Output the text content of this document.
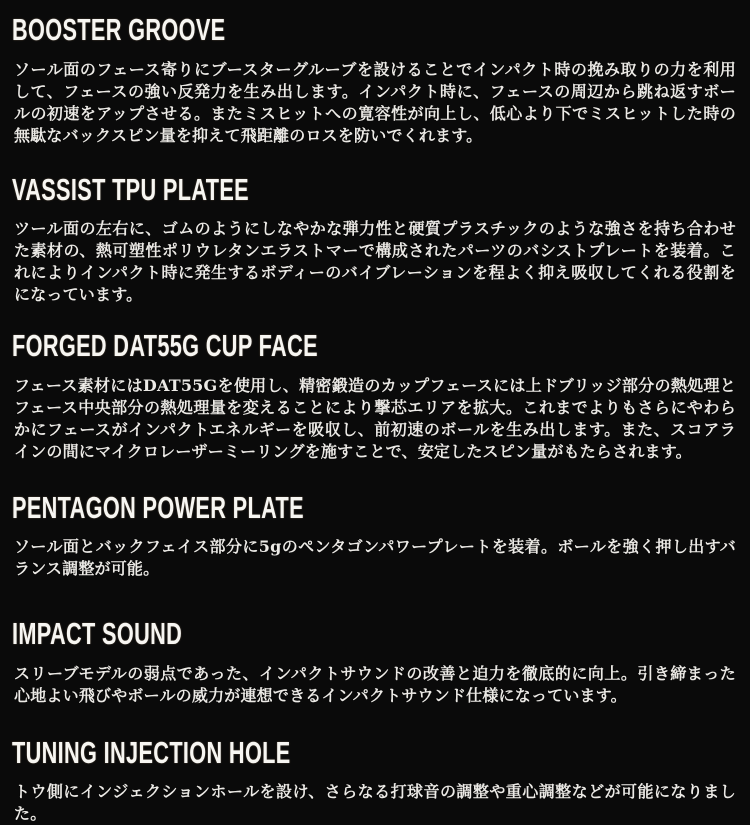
BOOSTER GROOVE

ソール面のフェース寄りにブースターグルーブを設けることでインパクト時の挽み取りの力を利用して、フェースの強い反発力を生み出します。インパクト時に、フェースの周辺から跳ね返すボールの初速をアップさせる。またミスヒットへの寛容性が向上し、低心より下でミスヒットした時の無駄なバックスピン量を抑えて飛距離のロスを防いでくれます。

VASSIST TPU PLATEE

ツール面の左右に、ゴムのようにしなやかな弾力性と硬質プラスチックのような強さを持ち合わせた素材の、熱可塑性ポリウレタンエラストマーで構成されたパーツのバシストプレートを装着。これによりインパクト時に発生するボディーのバイブレーションを程よく抑え吸収してくれる役割をになっています。

FORGED DAT55G CUP FACE

フェース素材にはDAT55Gを使用し、精密鍛造のカップフェースには上ドブリッジ部分の熱処理とフェース中央部分の熱処理量を変えることにより撃芯エリアを拡大。これまでよりもさらにやわらかにフェースがインパクトエネルギーを吸収し、前初速のボールを生み出します。また、スコアラインの間にマイクロレーザーミーリングを施すことで、安定したスピン量がもたらされます。

PENTAGON POWER PLATE

ソール面とバックフェイス部分に5gのペンタゴンパワープレートを装着。ボールを強く押し出すバランス調整が可能。

IMPACT SOUND

スリーブモデルの弱点であった、インパクトサウンドの改善と迫力を徹底的に向上。引き締まった心地よい飛びやボールの威力が連想できるインパクトサウンド仕様になっています。

TUNING INJECTION HOLE

トウ側にインジェクションホールを設け、さらなる打球音の調整や重心調整などが可能になりました。
